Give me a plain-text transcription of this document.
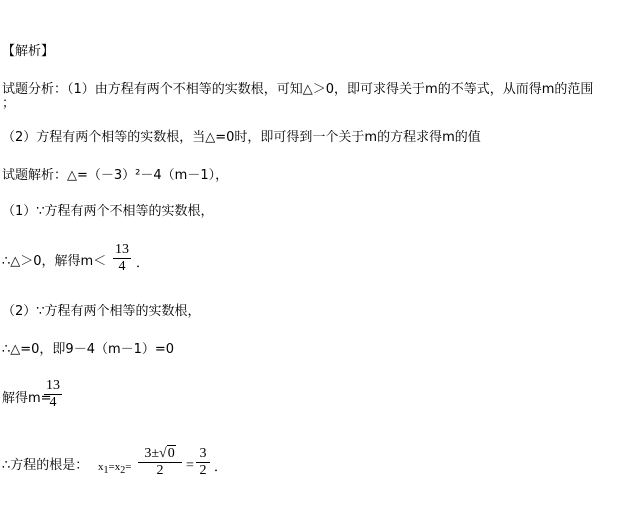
【解析】
试题分析：（1）由方程有两个不相等的实数根，可知△＞0，即可求得关于m的不等式，从而得m的范围
；
（2）方程有两个相等的实数根，当△=0时，即可得到一个关于m的方程求得m的值
试题解析：△=（－3）²－4（m－1），
（1）∵方程有两个不相等的实数根，
∴△＞0，解得m＜
13
4 ．
（2）∵方程有两个相等的实数根，
∴△=0，即9－4（m－1）=0
解得m=
13
4
∴方程的根是： $x_1=x_2=$
3±√0
2	=
3
2 ．
